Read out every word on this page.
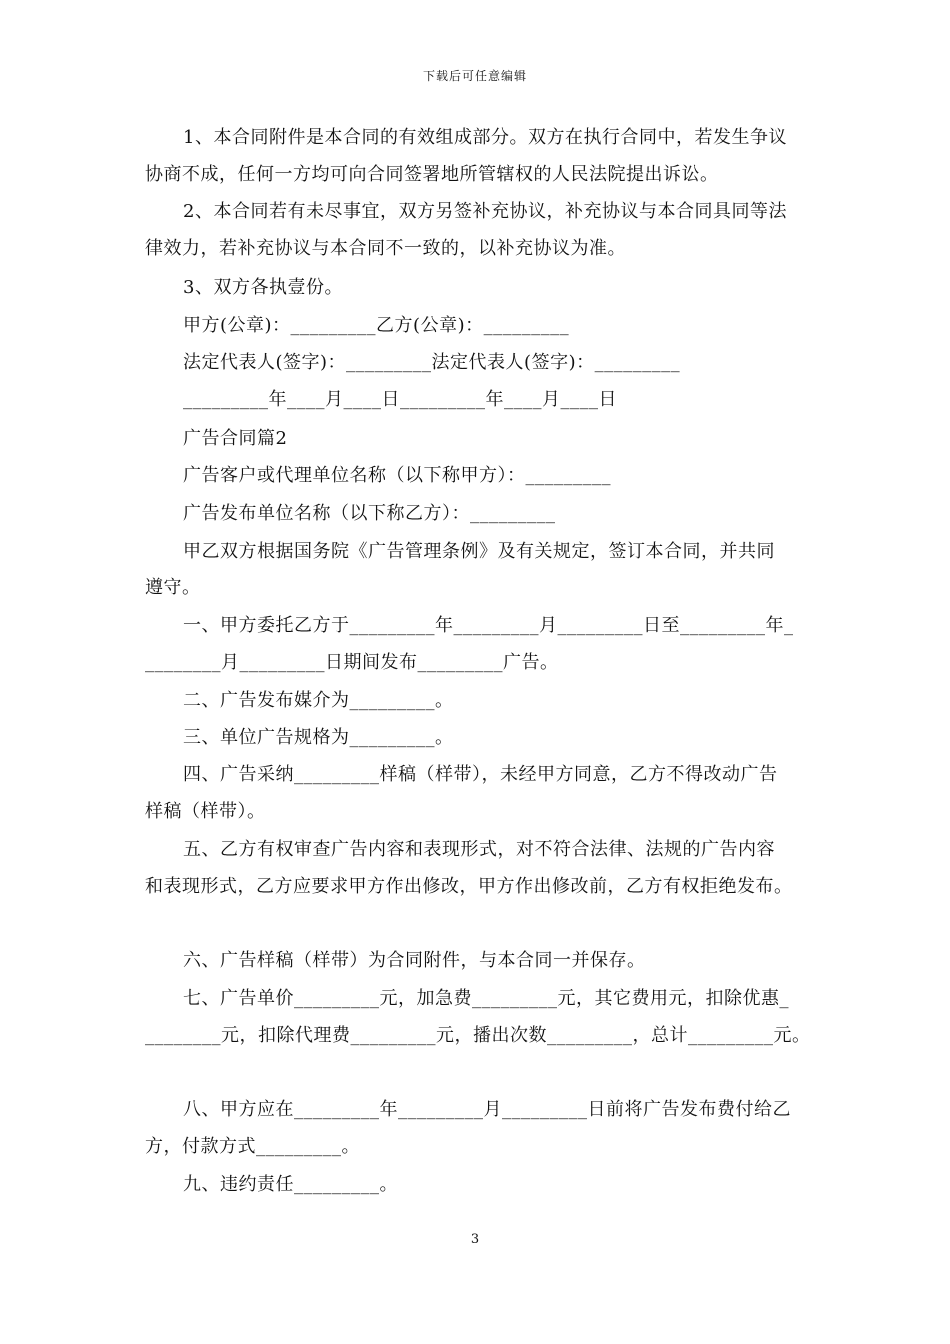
下载后可任意编辑
1、本合同附件是本合同的有效组成部分。双方在执行合同中，若发生争议
协商不成，任何一方均可向合同签署地所管辖权的人民法院提出诉讼。
2、本合同若有未尽事宜，双方另签补充协议，补充协议与本合同具同等法
律效力，若补充协议与本合同不一致的，以补充协议为准。
3、双方各执壹份。
甲方(公章)：_________乙方(公章)：_________
法定代表人(签字)：_________法定代表人(签字)：_________
_________年____月____日_________年____月____日
广告合同篇2
广告客户或代理单位名称（以下称甲方）：_________
广告发布单位名称（以下称乙方）：_________
甲乙双方根据国务院《广告管理条例》及有关规定，签订本合同，并共同
遵守。
一、甲方委托乙方于_________年_________月_________日至_________年_
________月_________日期间发布_________广告。
二、广告发布媒介为_________。
三、单位广告规格为_________。
四、广告采纳_________样稿（样带），未经甲方同意，乙方不得改动广告
样稿（样带）。
五、乙方有权审查广告内容和表现形式，对不符合法律、法规的广告内容
和表现形式，乙方应要求甲方作出修改，甲方作出修改前，乙方有权拒绝发布。
六、广告样稿（样带）为合同附件，与本合同一并保存。
七、广告单价_________元，加急费_________元，其它费用元，扣除优惠_
________元，扣除代理费_________元，播出次数_________，总计_________元。
八、甲方应在_________年_________月_________日前将广告发布费付给乙
方，付款方式_________。
九、违约责任_________。
3
